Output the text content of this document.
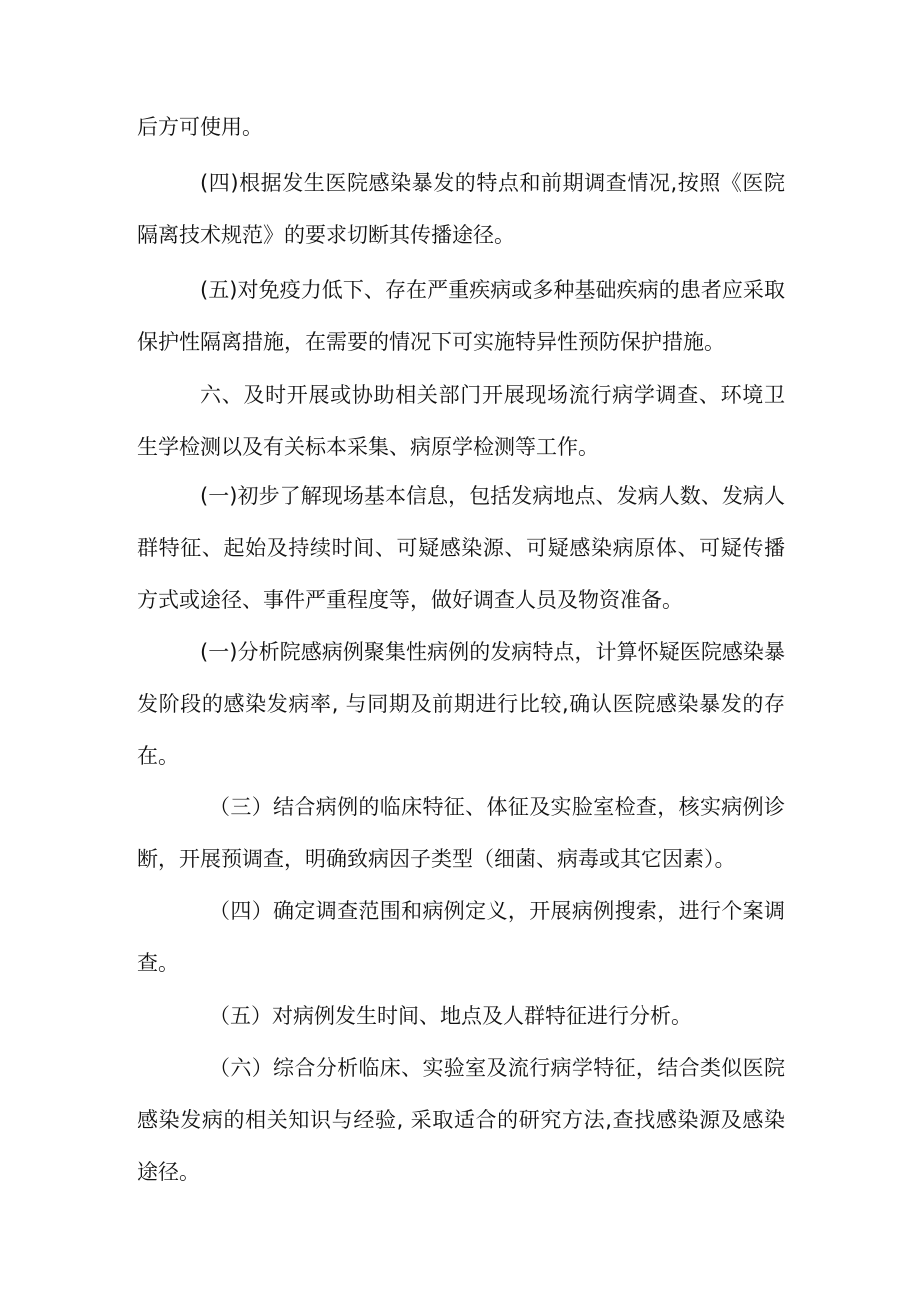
后方可使用。

(四)根据发生医院感染暴发的特点和前期调查情况,按照《医院隔离技术规范》的要求切断其传播途径。

(五)对免疫力低下、存在严重疾病或多种基础疾病的患者应采取保护性隔离措施，在需要的情况下可实施特异性预防保护措施。

六、及时开展或协助相关部门开展现场流行病学调查、环境卫生学检测以及有关标本采集、病原学检测等工作。

(一)初步了解现场基本信息，包括发病地点、发病人数、发病人群特征、起始及持续时间、可疑感染源、可疑感染病原体、可疑传播方式或途径、事件严重程度等，做好调查人员及物资准备。

(一)分析院感病例聚集性病例的发病特点，计算怀疑医院感染暴发阶段的感染发病率, 与同期及前期进行比较,确认医院感染暴发的存在。

（三）结合病例的临床特征、体征及实脸室检查，核实病例诊断，开展预调查，明确致病因子类型（细菌、病毒或其它因素）。

（四）确定调查范围和病例定义，开展病例搜索，进行个案调查。

（五）对病例发生时间、地点及人群特征进行分析。

（六）综合分析临床、实验室及流行病学特征，结合类似医院感染发病的相关知识与经验, 采取适合的研究方法,查找感染源及感染途径。
